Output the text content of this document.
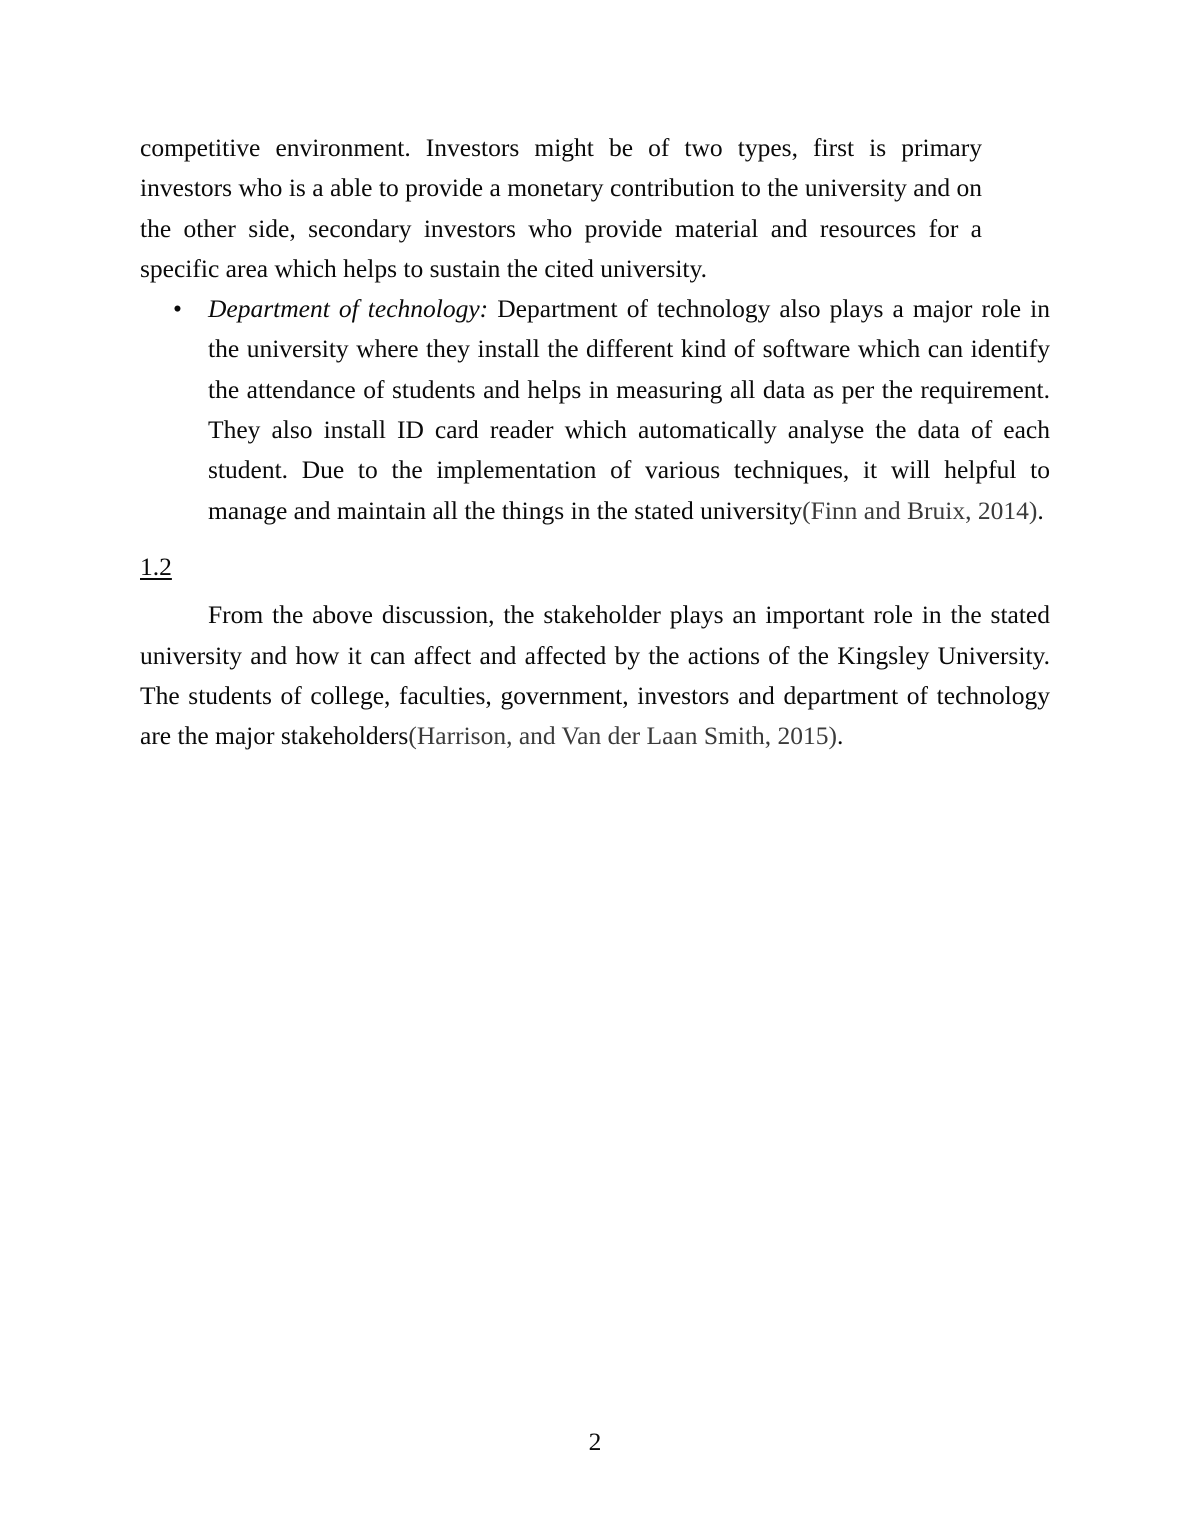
competitive environment. Investors might be of two types, first is primary investors who is a able to provide a monetary contribution to the university and on the other side, secondary investors who provide material and resources for a specific area which helps to sustain the cited university.

• Department of technology: Department of technology also plays a major role in the university where they install the different kind of software which can identify the attendance of students and helps in measuring all data as per the requirement. They also install ID card reader which automatically analyse the data of each student. Due to the implementation of various techniques, it will helpful to manage and maintain all the things in the stated university(Finn and Bruix, 2014).
1.2

From the above discussion, the stakeholder plays an important role in the stated university and how it can affect and affected by the actions of the Kingsley University. The students of college, faculties, government, investors and department of technology are the major stakeholders(Harrison, and Van der Laan Smith, 2015).

2
